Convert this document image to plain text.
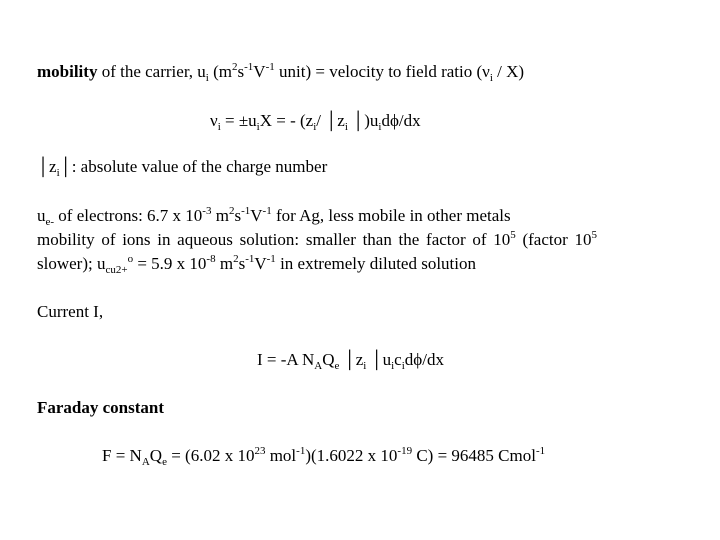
mobility of the carrier, $u_i$ ($m^2s^{-1}V^{-1}$ unit) = velocity to field ratio $(\nu_i / X)$
$\nu_i = \pm u_iX$ = - ($z_i/$ $│z_i$ $│)u_id\phi/dx$
$│z_i│$: absolute value of the charge number
$u_{e-}$ of electrons: 6.7 x $10^{-3}$ $m^2s^{-1}V^{-1}$ for Ag, less mobile in other metals
mobility of ions in aqueous solution: smaller than the factor of $10^5$ (factor $10^5$
slower); $u_{cu2+}^o = 5.9$ x $10^{-8}$ $m^2s^{-1}V^{-1}$ in extremely diluted solution
Current I,
I = -A $N_AQ_e$ $│z_i$ $│u_ic_id\phi/dx$
Faraday constant
$F = N_AQ_e = (6.02$ x $10^{23}$ mol$^{-1}$)(1.6022 x $10^{-19}$ C) = 96485 Cmol$^{-1}$
